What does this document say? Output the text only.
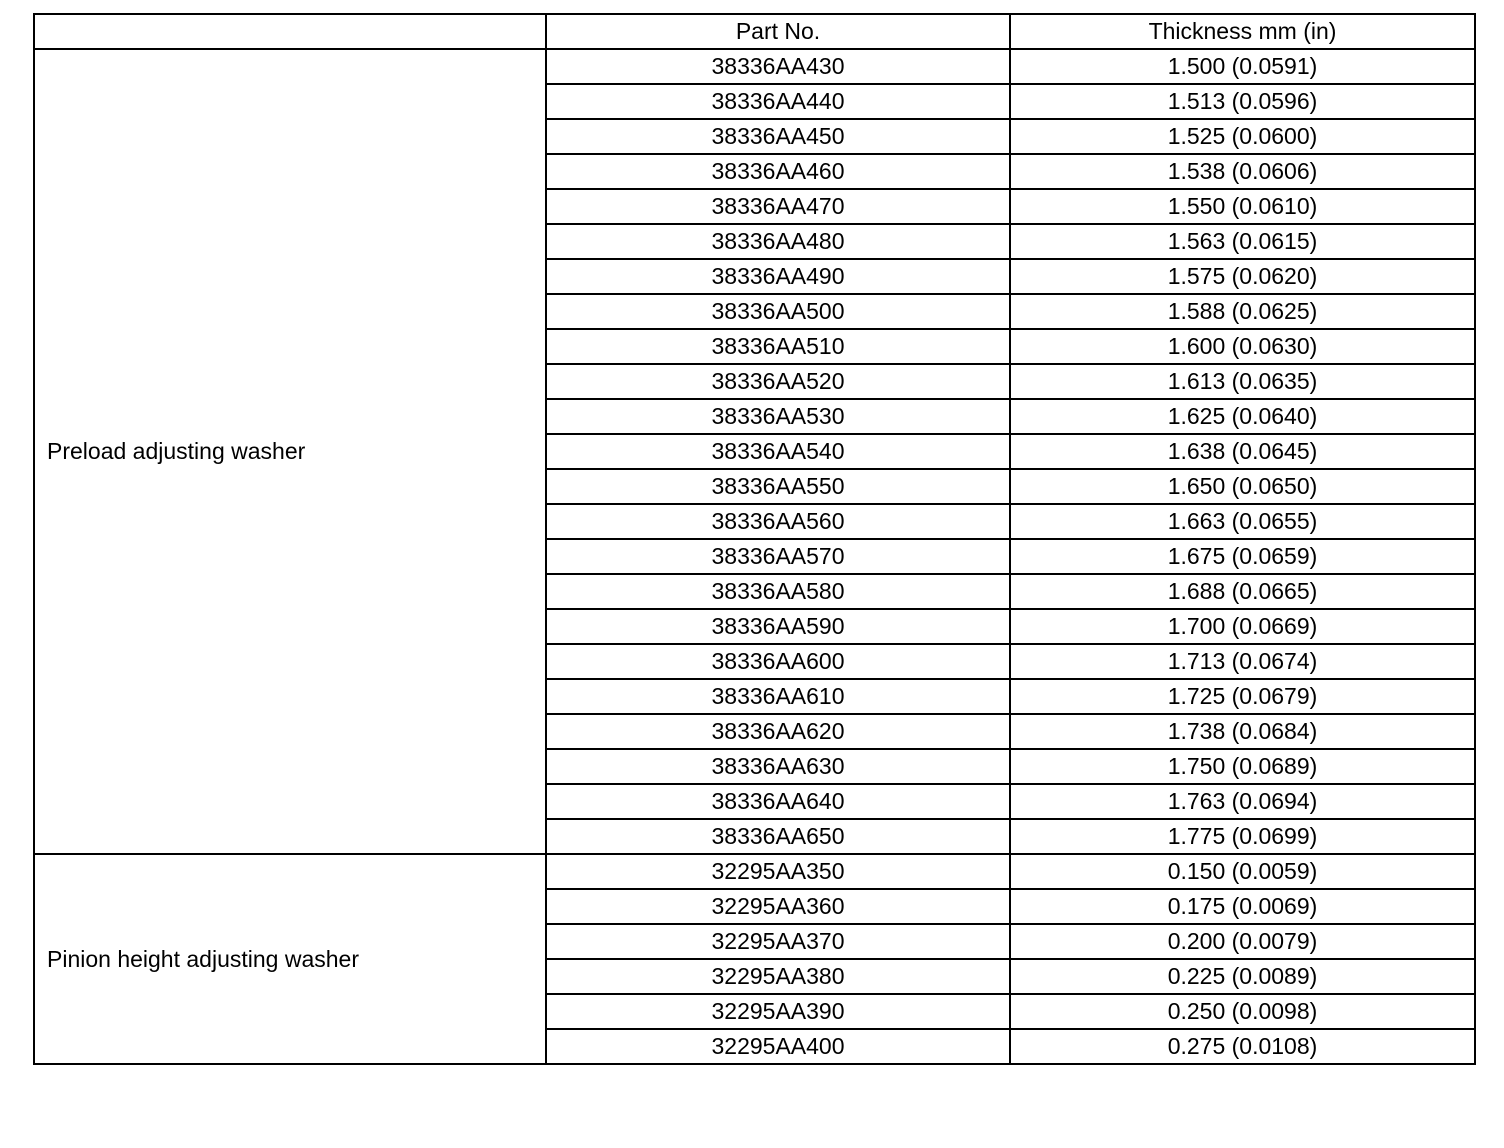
	Part No.	Thickness mm (in)
Preload adjusting washer	38336AA430	1.500 (0.0591)
	38336AA440	1.513 (0.0596)
	38336AA450	1.525 (0.0600)
	38336AA460	1.538 (0.0606)
	38336AA470	1.550 (0.0610)
	38336AA480	1.563 (0.0615)
	38336AA490	1.575 (0.0620)
	38336AA500	1.588 (0.0625)
	38336AA510	1.600 (0.0630)
	38336AA520	1.613 (0.0635)
	38336AA530	1.625 (0.0640)
	38336AA540	1.638 (0.0645)
	38336AA550	1.650 (0.0650)
	38336AA560	1.663 (0.0655)
	38336AA570	1.675 (0.0659)
	38336AA580	1.688 (0.0665)
	38336AA590	1.700 (0.0669)
	38336AA600	1.713 (0.0674)
	38336AA610	1.725 (0.0679)
	38336AA620	1.738 (0.0684)
	38336AA630	1.750 (0.0689)
	38336AA640	1.763 (0.0694)
	38336AA650	1.775 (0.0699)
Pinion height adjusting washer	32295AA350	0.150 (0.0059)
	32295AA360	0.175 (0.0069)
	32295AA370	0.200 (0.0079)
	32295AA380	0.225 (0.0089)
	32295AA390	0.250 (0.0098)
	32295AA400	0.275 (0.0108)
